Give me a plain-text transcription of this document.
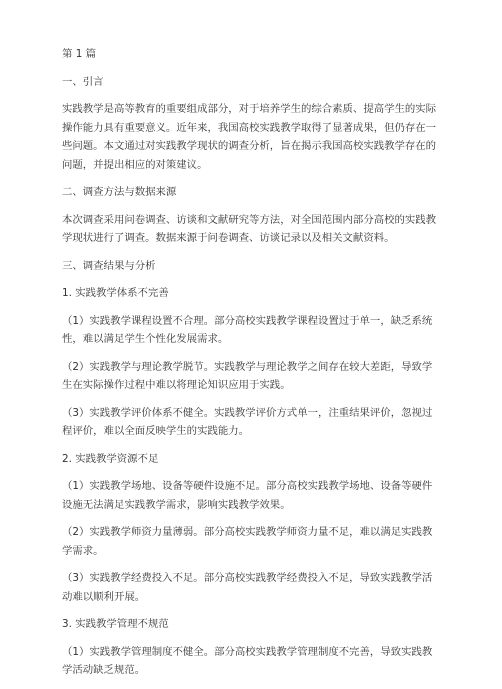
第 1 篇

一、引言

实践教学是高等教育的重要组成部分，对于培养学生的综合素质、提高学生的实际

操作能力具有重要意义。近年来，我国高校实践教学取得了显著成果，但仍存在一

些问题。本文通过对实践教学现状的调查分析，旨在揭示我国高校实践教学存在的

问题，并提出相应的对策建议。

二、调查方法与数据来源

本次调查采用问卷调查、访谈和文献研究等方法，对全国范围内部分高校的实践教

学现状进行了调查。数据来源于问卷调查、访谈记录以及相关文献资料。

三、调查结果与分析

1. 实践教学体系不完善

（1）实践教学课程设置不合理。部分高校实践教学课程设置过于单一，缺乏系统

性，难以满足学生个性化发展需求。

（2）实践教学与理论教学脱节。实践教学与理论教学之间存在较大差距，导致学

生在实际操作过程中难以将理论知识应用于实践。

（3）实践教学评价体系不健全。实践教学评价方式单一，注重结果评价，忽视过

程评价，难以全面反映学生的实践能力。

2. 实践教学资源不足

（1）实践教学场地、设备等硬件设施不足。部分高校实践教学场地、设备等硬件

设施无法满足实践教学需求，影响实践教学效果。

（2）实践教学师资力量薄弱。部分高校实践教学师资力量不足，难以满足实践教

学需求。

（3）实践教学经费投入不足。部分高校实践教学经费投入不足，导致实践教学活

动难以顺利开展。

3. 实践教学管理不规范

（1）实践教学管理制度不健全。部分高校实践教学管理制度不完善，导致实践教

学活动缺乏规范。
